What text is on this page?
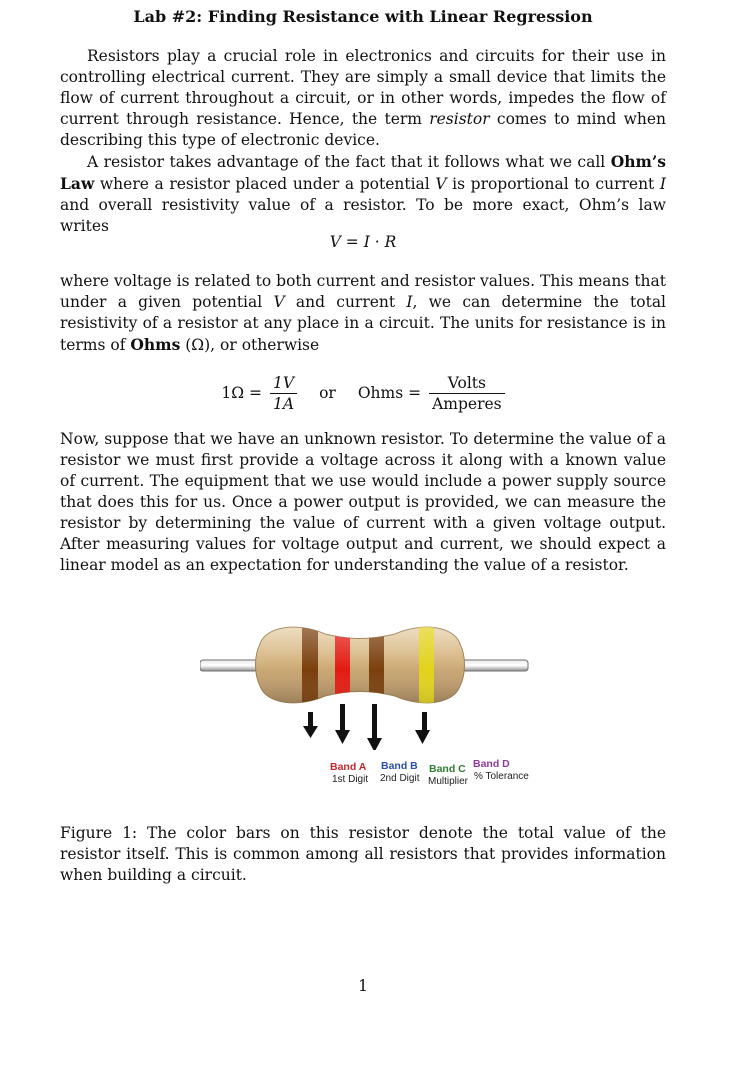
Lab #2: Finding Resistance with Linear Regression

Resistors play a crucial role in electronics and circuits for their use in controlling electrical current. They are simply a small device that limits the flow of current throughout a circuit, or in other words, impedes the flow of current through resistance. Hence, the term resistor comes to mind when describing this type of electronic device.

A resistor takes advantage of the fact that it follows what we call Ohm’s Law where a resistor placed under a potential V is proportional to current I and overall resistivity value of a resistor. To be more exact, Ohm’s law writes

V = I · R

where voltage is related to both current and resistor values. This means that under a given potential V and current I, we can determine the total resistivity of a resistor at any place in a circuit. The units for resistance is in terms of Ohms (Ω), or otherwise

$1\Omega = \frac{1V}{1A}$ or Ohms = $\frac{\text{Volts}}{\text{Amperes}}$

Now, suppose that we have an unknown resistor. To determine the value of a resistor we must first provide a voltage across it along with a known value of current. The equipment that we use would include a power supply source that does this for us. Once a power output is provided, we can measure the resistor by determining the value of current with a given voltage output. After measuring values for voltage output and current, we should expect a linear model as an expectation for understanding the value of a resistor.

Band A
1st Digit
Band B
2nd Digit
Band C
Multiplier
Band D
% Tolerance

Figure 1: The color bars on this resistor denote the total value of the resistor itself. This is common among all resistors that provides information when building a circuit.

1
